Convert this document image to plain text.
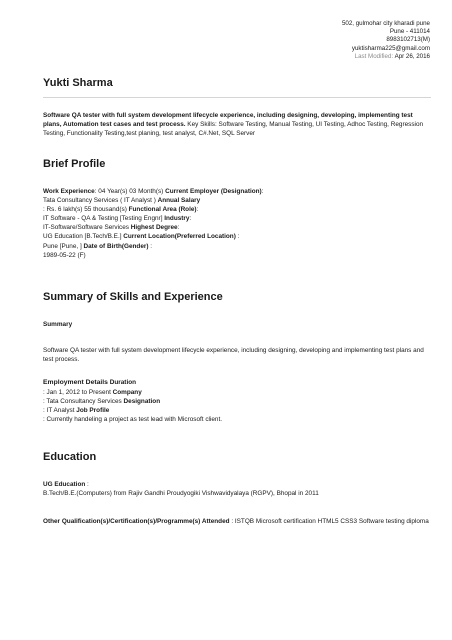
502, gulmohar city kharadi pune
Pune - 411014
8983102713(M)
yuktisharma225@gmail.com
Last Modified: Apr 26, 2016
Yukti Sharma
Software QA tester with full system development lifecycle experience, including designing, developing, implementing test plans, Automation test cases and test process. Key Skills: Software Testing, Manual Testing, UI Testing, Adhoc Testing, Regression Testing, Functionality Testing,test planing, test analyst, C#.Net, SQL Server
Brief Profile
Work Experience: 04 Year(s) 03 Month(s) Current Employer (Designation):
Tata Consultancy Services ( IT Analyst ) Annual Salary
: Rs. 6 lakh(s) 55 thousand(s) Functional Area (Role):
IT Software - QA & Testing [Testing Engnr] Industry:
IT-Software/Software Services Highest Degree:
UG Education [B.Tech/B.E.] Current Location(Preferred Location) :
Pune [Pune, ] Date of Birth(Gender) :
1989-05-22 (F)
Summary of Skills and Experience
Summary
Software QA tester with full system development lifecycle experience, including designing, developing and implementing test plans and test process.
Employment Details Duration
: Jan 1, 2012 to Present Company
: Tata Consultancy Services Designation
: IT Analyst Job Profile
: Currently handeling a project as test lead with Microsoft client.
Education
UG Education :
B.Tech/B.E.(Computers) from Rajiv Gandhi Proudyogiki Vishwavidyalaya (RGPV), Bhopal in 2011
Other Qualification(s)/Certification(s)/Programme(s) Attended : ISTQB Microsoft certification HTML5 CSS3 Software testing diploma
